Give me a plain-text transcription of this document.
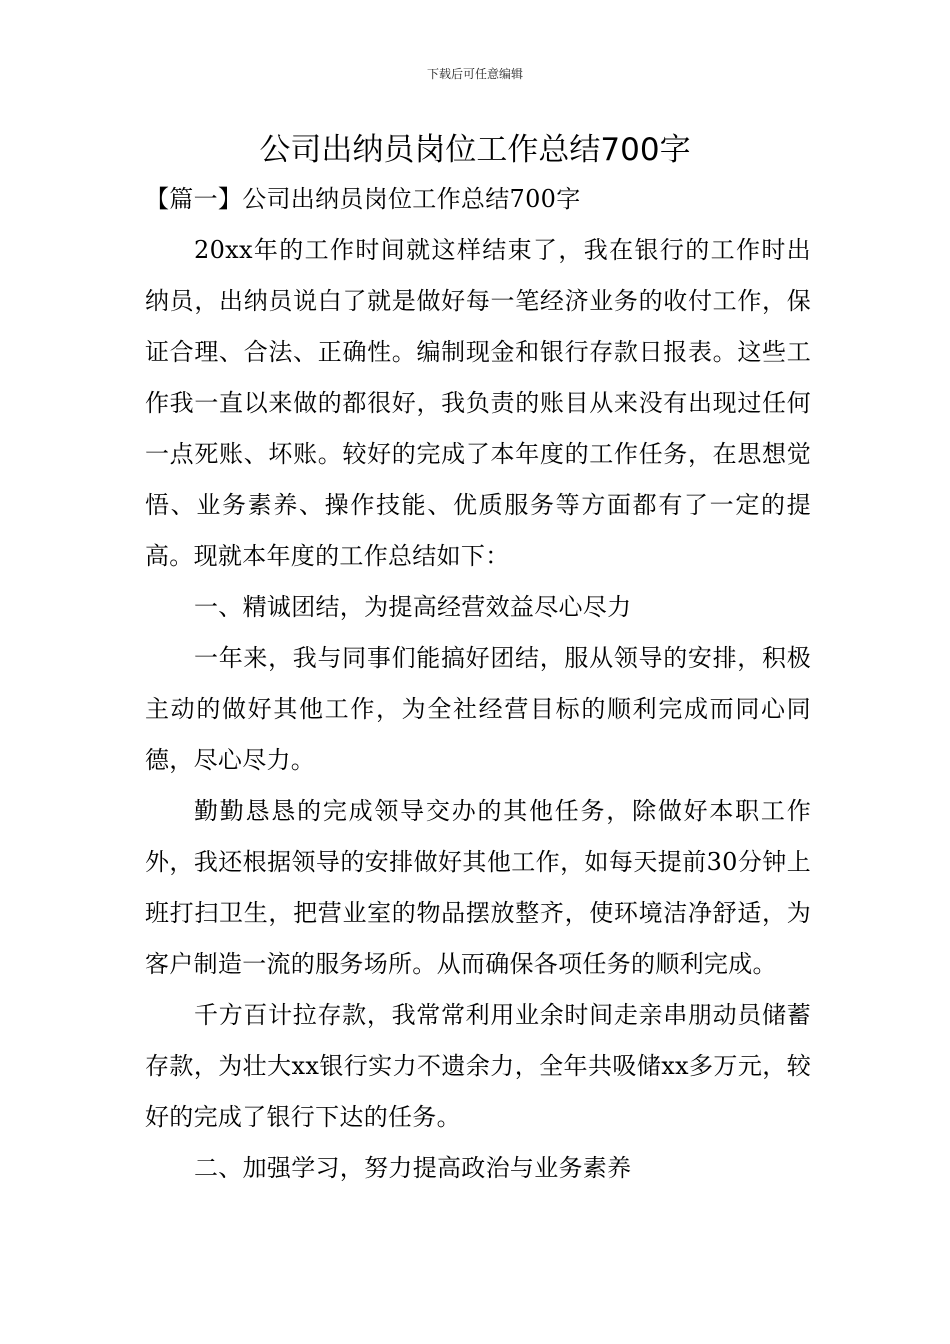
下载后可任意编辑
公司出纳员岗位工作总结700字

【篇一】公司出纳员岗位工作总结700字

20xx年的工作时间就这样结束了，我在银行的工作时出纳员，出纳员说白了就是做好每一笔经济业务的收付工作，保证合理、合法、正确性。编制现金和银行存款日报表。这些工作我一直以来做的都很好，我负责的账目从来没有出现过任何一点死账、坏账。较好的完成了本年度的工作任务，在思想觉悟、业务素养、操作技能、优质服务等方面都有了一定的提高。现就本年度的工作总结如下：

一、精诚团结，为提高经营效益尽心尽力

一年来，我与同事们能搞好团结，服从领导的安排，积极主动的做好其他工作，为全社经营目标的顺利完成而同心同德，尽心尽力。

勤勤恳恳的完成领导交办的其他任务，除做好本职工作外，我还根据领导的安排做好其他工作，如每天提前30分钟上班打扫卫生，把营业室的物品摆放整齐，使环境洁净舒适，为客户制造一流的服务场所。从而确保各项任务的顺利完成。

千方百计拉存款，我常常利用业余时间走亲串朋动员储蓄存款，为壮大xx银行实力不遗余力，全年共吸储xx多万元，较好的完成了银行下达的任务。

二、加强学习，努力提高政治与业务素养
